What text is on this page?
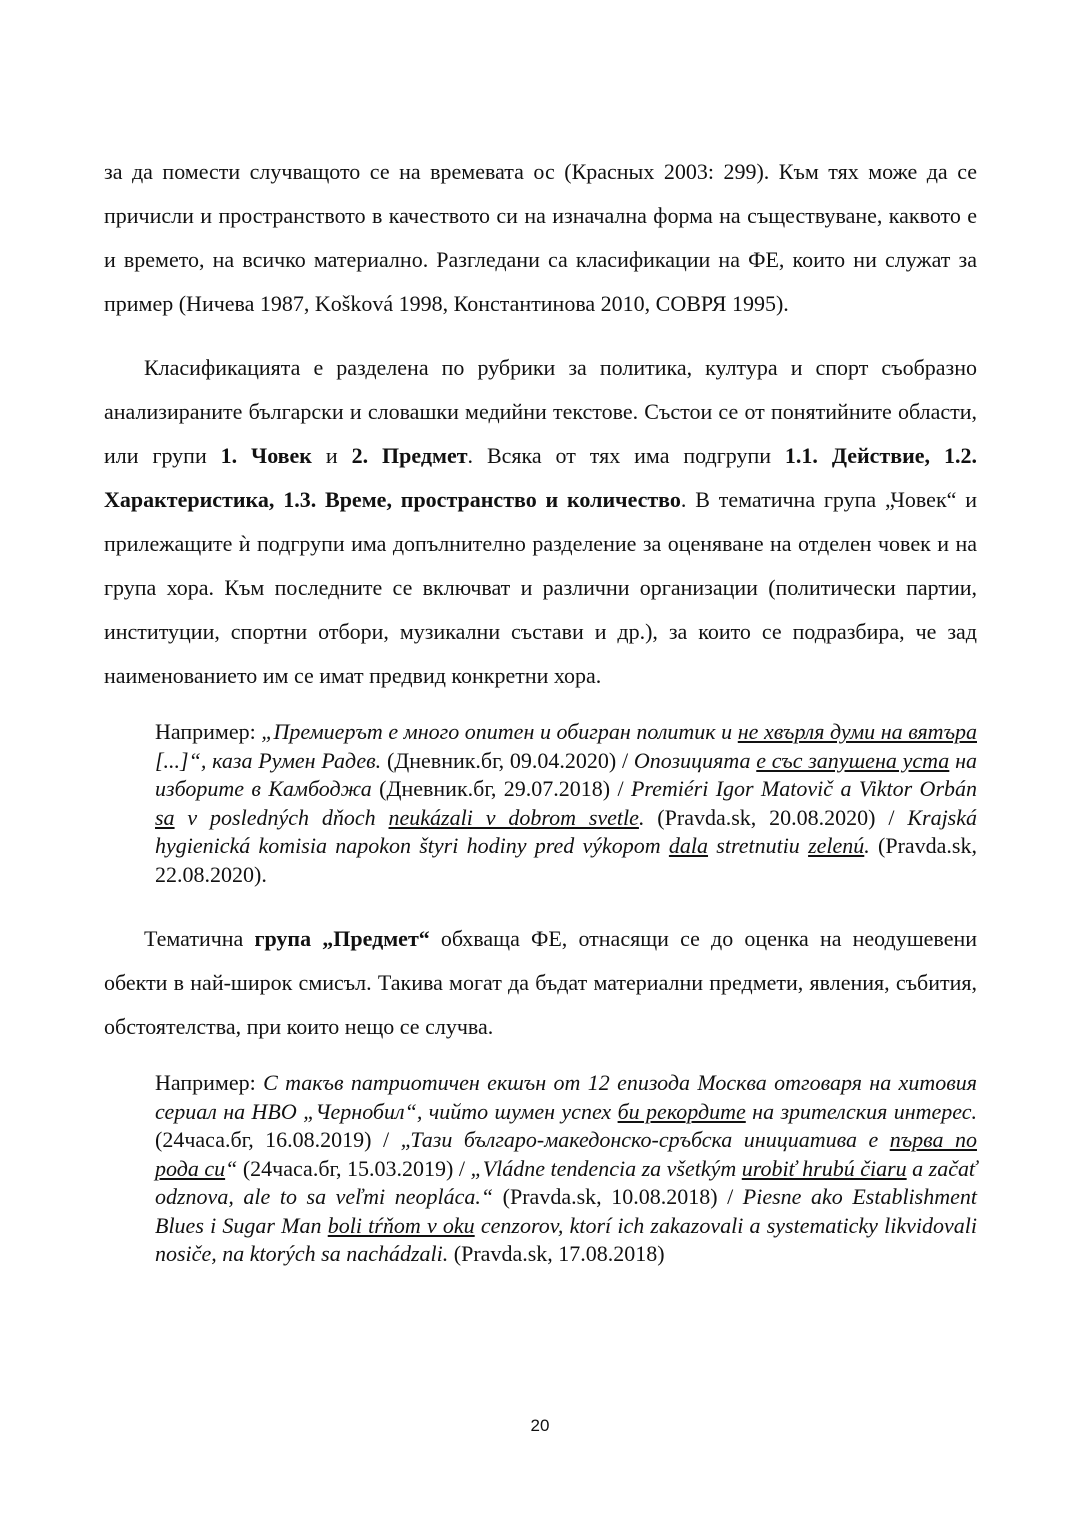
за да помести случващото се на времевата ос (Красных 2003: 299). Към тях може да се причисли и пространството в качеството си на изначална форма на съществуване, каквото е и времето, на всичко материално. Разгледани са класификации на ФЕ, които ни служат за пример (Ничева 1987, Košková 1998, Константинова 2010, СОВРЯ 1995).

Класификацията е разделена по рубрики за политика, култура и спорт съобразно анализираните български и словашки медийни текстове. Състои се от понятийните области, или групи 1. Човек и 2. Предмет. Всяка от тях има подгрупи 1.1. Действие, 1.2. Характеристика, 1.3. Време, пространство и количество. В тематична група „Човек“ и прилежащите ѝ подгрупи има допълнително разделение за оценяване на отделен човек и на група хора. Към последните се включват и различни организации (политически партии, институции, спортни отбори, музикални състави и др.), за които се подразбира, че зад наименованието им се имат предвид конкретни хора.

Например: „Премиерът е много опитен и обигран политик и не хвърля думи на вятъра [...]“, каза Румен Радев. (Дневник.бг, 09.04.2020) / Опозицията е със запушена уста на изборите в Камбоджа (Дневник.бг, 29.07.2018) / Premiéri Igor Matovič a Viktor Orbán sa v posledných dňoch neukázali v dobrom svetle. (Pravda.sk, 20.08.2020) / Krajská hygienická komisia napokon štyri hodiny pred výkopom dala stretnutiu zelenú. (Pravda.sk, 22.08.2020).

Тематична група „Предмет“ обхваща ФЕ, отнасящи се до оценка на неодушевени обекти в най-широк смисъл. Такива могат да бъдат материални предмети, явления, събития, обстоятелства, при които нещо се случва.

Например: С такъв патриотичен екшън от 12 епизода Москва отговаря на хитовия сериал на HBO „Чернобил“, чийто шумен успех би рекордите на зрителския интерес. (24часа.бг, 16.08.2019) / „Тази българо-македонско-сръбска инициатива е първа по рода си“ (24часа.бг, 15.03.2019) / „Vládne tendencia za všetkým urobiť hrubú čiaru a začať odznova, ale to sa veľmi neopláca.“ (Pravda.sk, 10.08.2018) / Piesne ako Establishment Blues i Sugar Man boli tŕňom v oku cenzorov, ktorí ich zakazovali a systematicky likvidovali nosiče, na ktorých sa nachádzali. (Pravda.sk, 17.08.2018)

20
